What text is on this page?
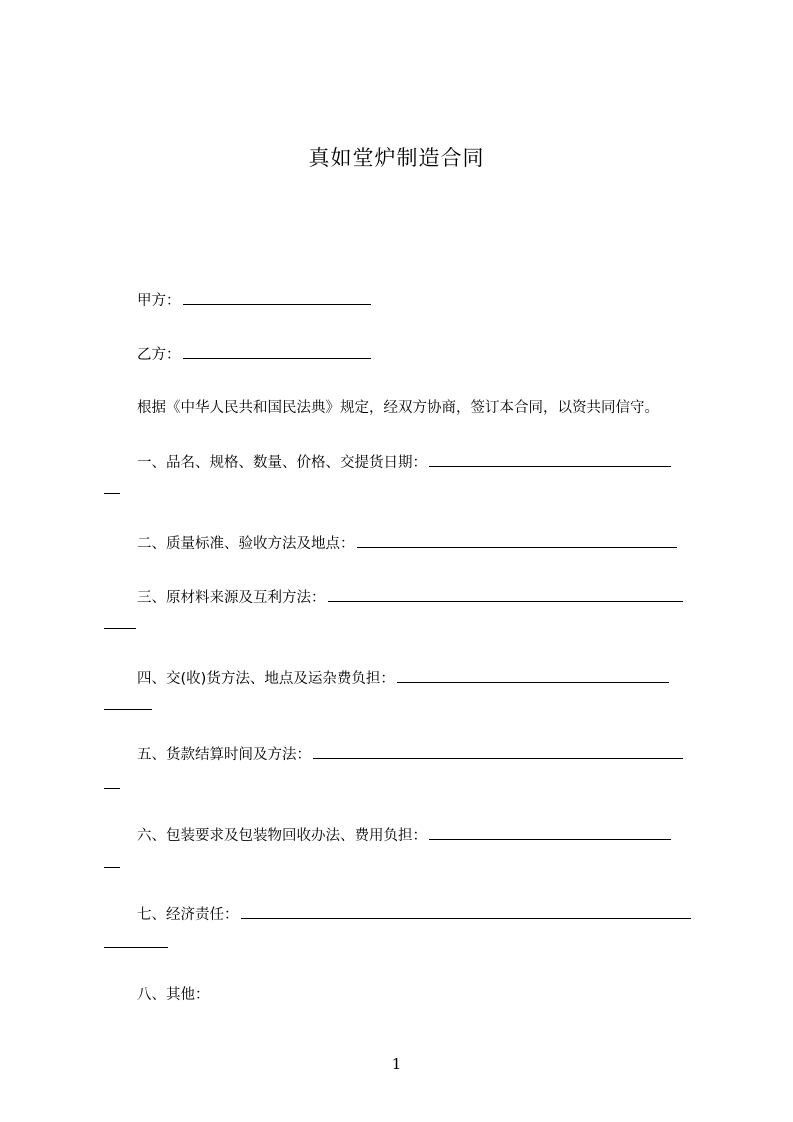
真如堂炉制造合同
甲方：
乙方：
根据《中华人民共和国民法典》规定，经双方协商，签订本合同，以资共同信守。
一、品名、规格、数量、价格、交提货日期：
二、质量标准、验收方法及地点：
三、原材料来源及互利方法：
四、交(收)货方法、地点及运杂费负担：
五、货款结算时间及方法：
六、包装要求及包装物回收办法、费用负担：
七、经济责任：
八、其他：
1
